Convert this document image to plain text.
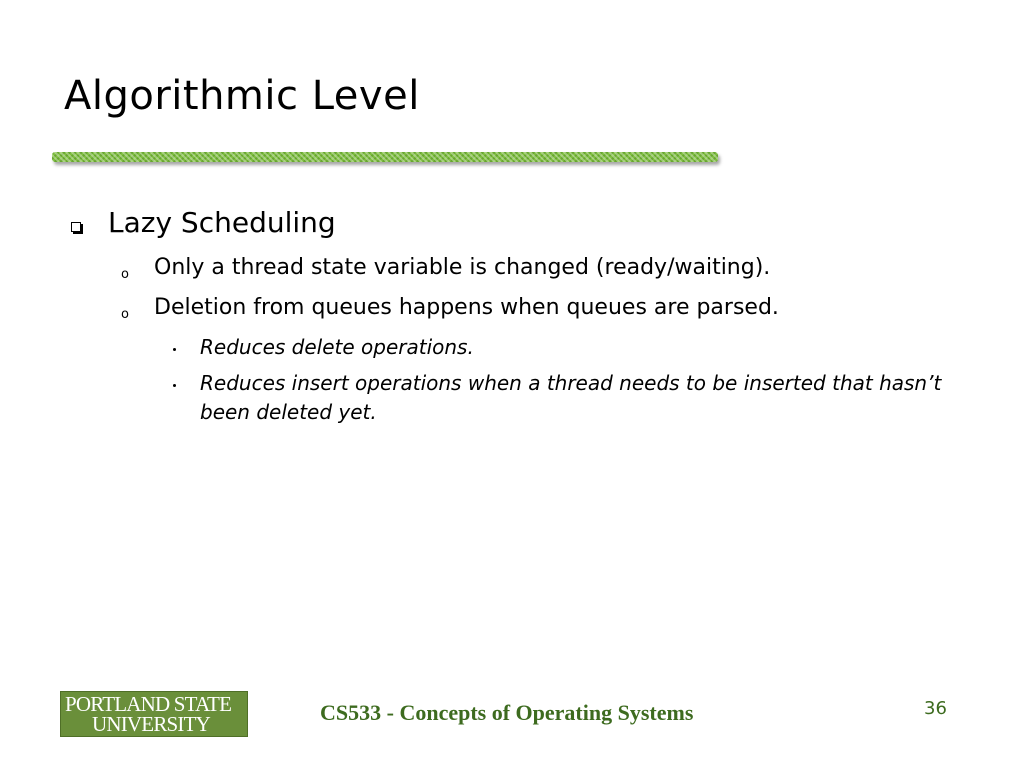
Algorithmic Level
Lazy Scheduling
o Only a thread state variable is changed (ready/waiting).
o Deletion from queues happens when queues are parsed.
Reduces delete operations.
Reduces insert operations when a thread needs to be inserted that hasn’t been deleted yet.
PORTLAND STATE
UNIVERSITY	CS533 - Concepts of Operating Systems	36
